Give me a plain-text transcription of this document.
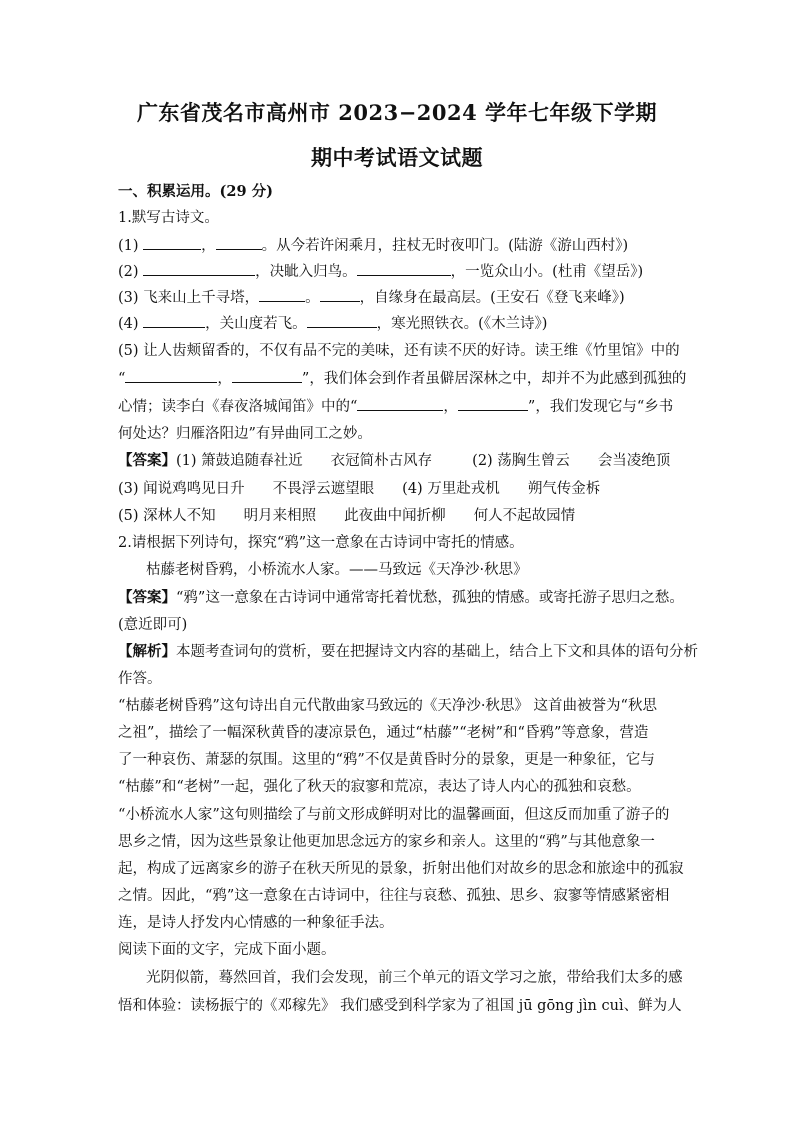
广东省茂名市高州市 2023−2024 学年七年级下学期
期中考试语文试题
一、积累运用。(29 分)
1.默写古诗文。
(1)	，	。从今若许闲乘月，拄杖无时夜叩门。(陆游《游山西村》)
(2)	，决眦入归鸟。	，一览众山小。(杜甫《望岳》)
(3) 飞来山上千寻塔，	。	，自缘身在最高层。(王安石《登飞来峰》)
(4)	，关山度若飞。	，寒光照铁衣。(《木兰诗》)
(5) 让人齿颊留香的，不仅有品不完的美味，还有读不厌的好诗。读王维《竹里馆》中的
“	，	”，我们体会到作者虽僻居深林之中，却并不为此感到孤独的
心情；读李白《春夜洛城闻笛》中的“	，	”，我们发现它与“乡书
何处达？归雁洛阳边”有异曲同工之妙。
【答案】(1) 箫鼓追随春社近 衣冠简朴古风存	(2) 荡胸生曾云 会当凌绝顶
(3) 闻说鸡鸣见日升 不畏浮云遮望眼 (4) 万里赴戎机 朔气传金柝
(5) 深林人不知 明月来相照 此夜曲中闻折柳 何人不起故园情
2.请根据下列诗句，探究“鸦”这一意象在古诗词中寄托的情感。
枯藤老树昏鸦，小桥流水人家。——马致远《天净沙·秋思》
【答案】“鸦”这一意象在古诗词中通常寄托着忧愁，孤独的情感。或寄托游子思归之愁。
(意近即可)
【解析】本题考查词句的赏析，要在把握诗文内容的基础上，结合上下文和具体的语句分析
作答。
“枯藤老树昏鸦”这句诗出自元代散曲家马致远的《天净沙·秋思》 这首曲被誉为“秋思
之祖”，描绘了一幅深秋黄昏的凄凉景色，通过“枯藤”“老树”和“昏鸦”等意象，营造
了一种哀伤、萧瑟的氛围。这里的“鸦”不仅是黄昏时分的景象，更是一种象征，它与
“枯藤”和“老树”一起，强化了秋天的寂寥和荒凉，表达了诗人内心的孤独和哀愁。
“小桥流水人家”这句则描绘了与前文形成鲜明对比的温馨画面，但这反而加重了游子的
思乡之情，因为这些景象让他更加思念远方的家乡和亲人。这里的“鸦”与其他意象一
起，构成了远离家乡的游子在秋天所见的景象，折射出他们对故乡的思念和旅途中的孤寂
之情。因此，“鸦”这一意象在古诗词中，往往与哀愁、孤独、思乡、寂寥等情感紧密相
连，是诗人抒发内心情感的一种象征手法。
阅读下面的文字，完成下面小题。
光阴似箭，蓦然回首，我们会发现，前三个单元的语文学习之旅，带给我们太多的感
悟和体验：读杨振宁的《邓稼先》 我们感受到科学家为了祖国 jū gōng jìn cuì、鲜为人
